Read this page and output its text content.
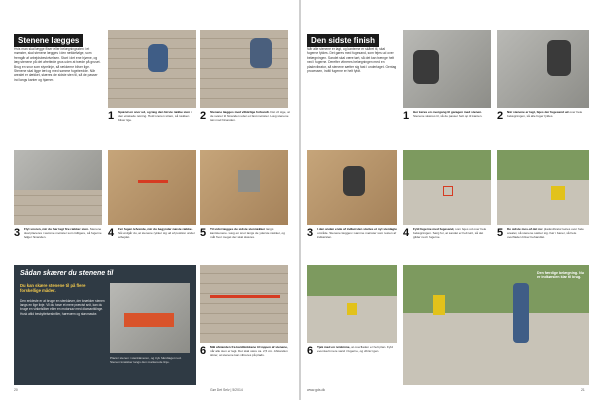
Stenene lægges
Hvis man skal lægge fliser eller belægningssten i et mønster, skal stenene lægges i den rækkefølge, som fremgår af arbejdsbeskrivelsen. Start i det ene hjørne, og læg stenene på det afrettede grus uden at træde på gruset. Brug en snor som styrelinje, så rækkerne bliver lige. Stenene skal ligge tæt og med samme fugebredde. Når arealet er dækket, skæres de sidste sten til, så de passer ind langs kanter og hjørner.
1 Spænd en snor ud, og læg den første række sten i den ønskede retning. Hold snoren stram, så rækken bliver lige.	2 Stenene lægges med vilkårlige forbandt. Det vil sige, at de svarer til hinanden uden et fast mønster. Læg stenene tæt mod hinanden.
3 Flyt snoren, når du har lagt fire rækker sten. Stenene skal placeres i samme mønster som tidligere, så fugerne følger hinanden.	4 Før fugen lefvende, når du begynder næste række. Så undgår du, at stenene rykker sig ud af position under arbejdet.	5 Til sidst lægges de sidste stenrækker langs kantstenene. Læg en snor langs de yderste rækker, og mål hvor meget der skal skæres.
Sådan skærer du stenene til
Du kan skære stenene til på flere forskellige måder.
Den enkleste er at bruge en stenkløver, der knækker stenen langs en lige linje. Vil du have et mere præcist snit, kan du bruge en vinkelsliber eller en motorsav med diamantklinge. Husk altid beskyttelsesbriller, høreværn og støvmaske.
Placér stenen i stenkløveren, og tryk håndtaget ned. Stenen knækker langs den markerede linje.
6 Mål afstanden fra kantblokkene til toppen af stenene, når alle sten er lagt. Det skal være ca. 2,5 cm. Afstanden sikrer, at stenene kan vibreres på plads.
20	Gør Det Selv | 5/2014
Den sidste finish
Når alle stenene er lagt, og kanterne er skåret til, skal fugerne fyldes. Det gøres med fugesand, som fejes ud over belægningen. Sandet skal være tørt, så det kan trænge helt ned i fugerne. Derefter vibreres belægningen med en pladevibrator, så stenene sætter sig fast i underlaget. Gentag processen, indtil fugerne er helt fyldt.
1 Her køres en overgang til garagen med stenen. Stenene skæres til, så de passer helt op til kanten.	2 Når stenene er lagt, fejes der fugesand ud over hele belægningen, så alle fuger fyldes.
3 I den anden ende af indkørslen startes et nyt stenlagte område. Stenene lægges i samme mønster som resten af indkørslen.	4 Fyld fugerne med fugesand, som fejes ud over hele belægningen. Sørg for, at sandet er helt tørt, så det glider ned i fugerne.	5 De sidste mos-af det nu: pladevibrator køres over hele arealet, så stenene sætter sig. Kør i baner, så hele overfladen bliver behandlet.
6 Tjek med en retskinne, at overfladen er helt plan. Fyld eventuelt mere sand i fugerne, og vibrér igen.
Den færdige belægning. Nu er indkørslen klar til brug.
www.gds.dk	21
